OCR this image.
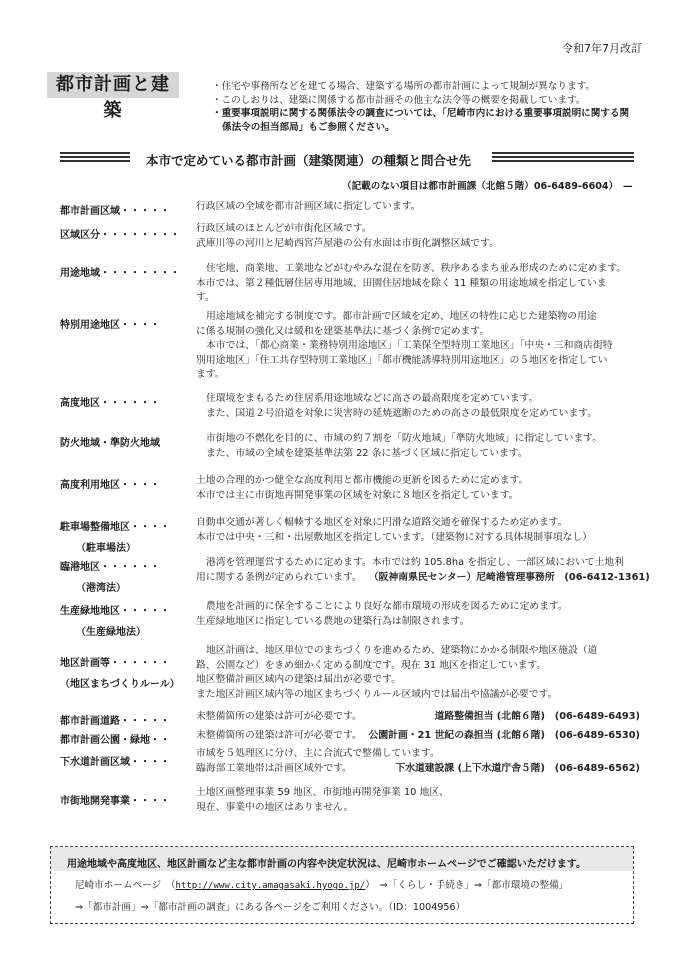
令和7年7月改訂
都市計画と建築
・住宅や事務所などを建てる場合、建築する場所の都市計画によって規制が異なります。
・このしおりは、建築に関係する都市計画その他主な法令等の概要を掲載しています。
・重要事項説明に関する関係法令の調査については、「尼崎市内における重要事項説明に関する関
係法令の担当部局」もご参照ください。
本市で定めている都市計画（建築関連）の種類と問合せ先
（記載のない項目は都市計画課（北館５階）06-6489-6604）　—
都市計画区域・・・・・	行政区域の全域を都市計画区域に指定しています。
区域区分・・・・・・・・
行政区域のほとんどが市街化区域です。
武庫川等の河川と尼崎西宮芦屋港の公有水面は市街化調整区域です。
用途地域・・・・・・・・	住宅地、商業地、工業地などがむやみな混在を防ぎ、秩序あるまち並み形成のために定めます。
本市では、第２種低層住居専用地域、田園住居地域を除く 11 種類の用途地域を指定していま
す。
特別用途地区・・・・
用途地域を補完する制度です。都市計画で区域を定め、地区の特性に応じた建築物の用途
に係る規制の強化又は緩和を建築基準法に基づく条例で定めます。
本市では、「都心商業・業務特別用途地区」「工業保全型特別工業地区」「中央・三和商店街特
別用途地区」「住工共存型特別工業地区」「都市機能誘導特別用途地区」の５地区を指定してい
ます。
高度地区・・・・・・	住環境をまもるため住居系用途地域などに高さの最高限度を定めています。
また、国道２号沿道を対象に災害時の延焼遮断のための高さの最低限度を定めています。
防火地域・準防火地域	市街地の不燃化を目的に、市域の約７割を「防火地域」「準防火地域」に指定しています。
また、市域の全域を建築基準法第 22 条に基づく区域に指定しています。
高度利用地区・・・・	土地の合理的かつ健全な高度利用と都市機能の更新を図るために定めます。
本市では主に市街地再開発事業の区域を対象に８地区を指定しています。
駐車場整備地区・・・・
（駐車場法）
自動車交通が著しく輻輳する地区を対象に円滑な道路交通を確保するため定めます。
本市では中央・三和・出屋敷地区を指定しています。（建築物に対する具体規制事項なし）
臨港地区・・・・・・
（港湾法）
港湾を管理運営するために定めます。本市では約 105.8ha を指定し、一部区域において土地利
用に関する条例が定められています。 （阪神南県民センター）尼崎港管理事務所　(06-6412-1361)
生産緑地地区・・・・・
（生産緑地法）
農地を計画的に保全することにより良好な都市環境の形成を図るために定めます。
生産緑地地区に指定している農地の建築行為は制限されます。
地区計画等・・・・・・
（地区まちづくりルール）
地区計画は、地区単位でのまちづくりを進めるため、建築物にかかる制限や地区施設（道
路、公園など）をきめ細かく定める制度です。現在 31 地区を指定しています。
地区整備計画区域内の建築は届出が必要です。
また地区計画区域内等の地区まちづくりルール区域内では届出や協議が必要です。
都市計画道路・・・・・	未整備箇所の建築は許可が必要です。	道路整備担当 (北館６階)　(06-6489-6493)
都市計画公園・緑地・・	未整備箇所の建築は許可が必要です。 公園計画・21 世紀の森担当 (北館６階)　(06-6489-6530)
下水道計画区域・・・・
市域を５処理区に分け、主に合流式で整備しています。
臨海部工業地帯は計画区域外です。	下水道建設課 (上下水道庁舎５階)　(06-6489-6562)
市街地開発事業・・・・
土地区画整理事業 59 地区、市街地再開発事業 10 地区、
現在、事業中の地区はありません。
用途地域や高度地区、地区計画など主な都市計画の内容や決定状況は、尼崎市ホームページでご確認いただけます。
尼崎市ホームページ　（http://www.city.amagasaki.hyogo.jp/）　⇒「くらし・手続き」⇒「都市環境の整備」
⇒「都市計画」⇒「都市計画の調査」にある各ページをご利用ください。（ID：1004956）
